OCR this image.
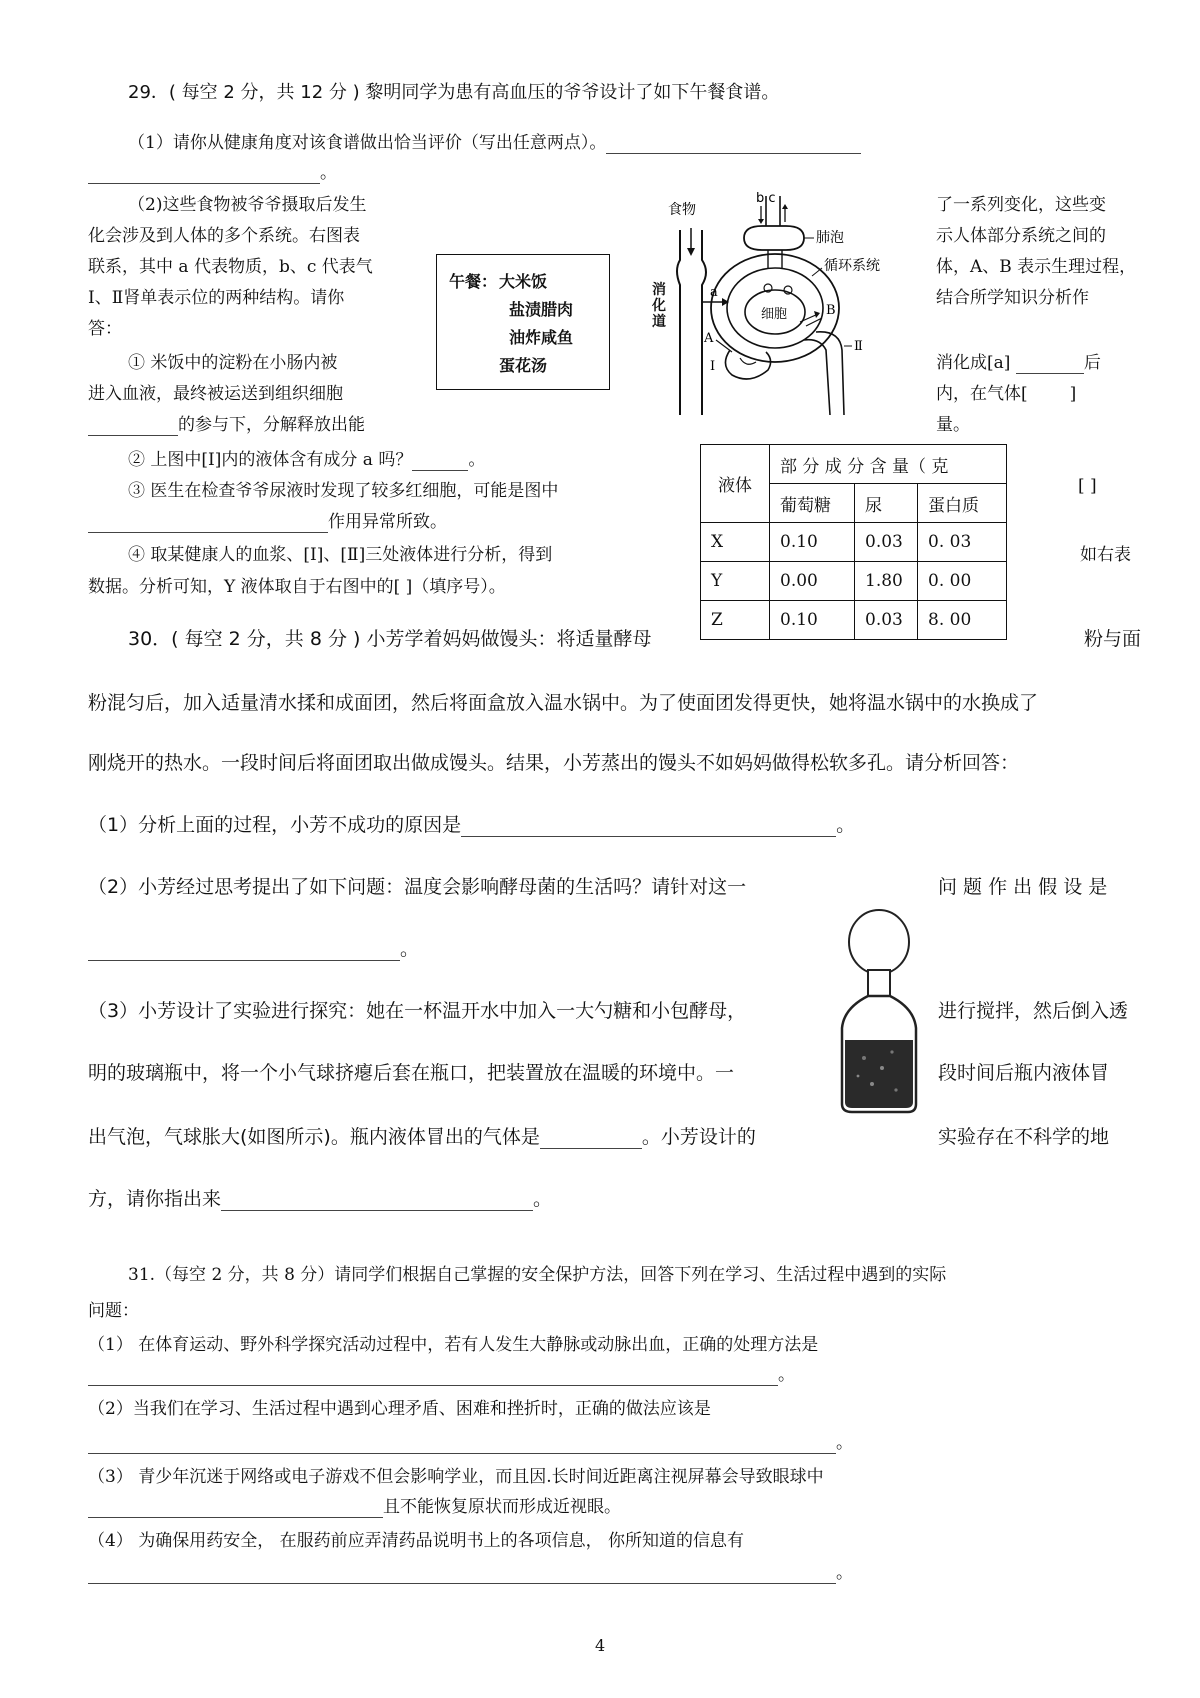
29．( 每空 2 分，共 12 分 ) 黎明同学为患有高血压的爷爷设计了如下午餐食谱。
（1）请你从健康角度对该食谱做出恰当评价（写出任意两点）。
。
（2)这些食物被爷爷摄取后发生
化会涉及到人体的多个系统。右图表
联系，其中 a 代表物质，b、c 代表气
Ⅰ、Ⅱ肾单表示位的两种结构。请你
答：
了一系列变化，这些变
示人体部分系统之间的
体，A、B 表示生理过程，
结合所学知识分析作
① 米饭中的淀粉在小肠内被
进入血液，最终被运送到组织细胞
的参与下，分解释放出能
消化成[a]	后
内，在气体[ ]
量。
② 上图中[Ⅰ]内的液体含有成分 a 吗？	。
③ 医生在检查爷爷尿液时发现了较多红细胞，可能是图中	[ ]
作用异常所致。
④ 取某健康人的血浆、[Ⅰ]、[Ⅱ]三处液体进行分析，得到	如右表
数据。分析可知，Y 液体取自于右图中的[ ]（填序号）。
午餐： 大米饭
盐渍腊肉
油炸咸鱼
蛋花汤
食物
b c
肺泡
循环系统
a
细胞	B
A
Ⅱ
I
消化道
液体	部 分 成 分 含 量（ 克		
	葡萄糖	尿	蛋白质
X	0.10	0.03	0. 03
Y	0.00	1.80	0. 00
Z	0.10	0.03	8. 00
30．( 每空 2 分，共 8 分 ) 小芳学着妈妈做馒头：将适量酵母	粉与面
粉混匀后，加入适量清水揉和成面团，然后将面盒放入温水锅中。为了使面团发得更快，她将温水锅中的水换成了
刚烧开的热水。一段时间后将面团取出做成馒头。结果，小芳蒸出的馒头不如妈妈做得松软多孔。请分析回答：
（1）分析上面的过程，小芳不成功的原因是	。
（2）小芳经过思考提出了如下问题：温度会影响酵母菌的生活吗？请针对这一	问 题 作 出 假 设 是
。
（3）小芳设计了实验进行探究：她在一杯温开水中加入一大勺糖和小包酵母，	进行搅拌，然后倒入透
明的玻璃瓶中，将一个小气球挤瘪后套在瓶口，把装置放在温暖的环境中。一	段时间后瓶内液体冒
出气泡，气球胀大(如图所示)。瓶内液体冒出的气体是	。小芳设计的	实验存在不科学的地
方，请你指出来	。
31.（每空 2 分，共 8 分）请同学们根据自己掌握的安全保护方法，回答下列在学习、生活过程中遇到的实际
问题：
（1） 在体育运动、野外科学探究活动过程中，若有人发生大静脉或动脉出血，正确的处理方法是
。
（2）当我们在学习、生活过程中遇到心理矛盾、困难和挫折时，正确的做法应该是
。
（3） 青少年沉迷于网络或电子游戏不但会影响学业，而且因.长时间近距离注视屏幕会导致眼球中
且不能恢复原状而形成近视眼。
（4） 为确保用药安全， 在服药前应弄清药品说明书上的各项信息， 你所知道的信息有
。
4
